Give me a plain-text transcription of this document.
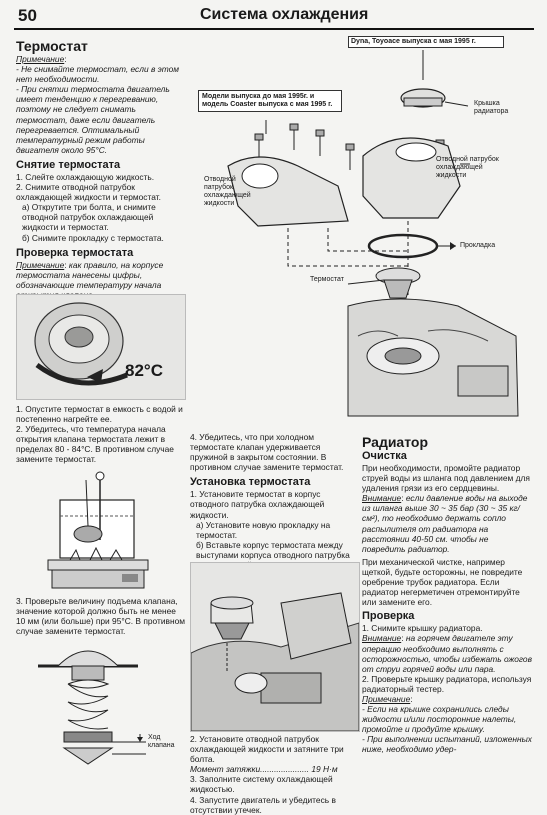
50	Система охлаждения
Термостат

Примечание:

- Не снимайте термостат, если в этом нет необходимости.

- При снятии термостата двигатель имеет тенденцию к перегреванию, поэтому не следует снимать термостат, даже если двигатель перегревается. Оптимальный температурный режим работы двигателя около 95°С.

Снятие термостата

1. Слейте охлаждающую жидкость.

2. Снимите отводной патрубок охлаждающей жидкости и термостат.

а) Открутите три болта, и снимите отводной патрубок охлаждающей жидкости и термостат.

б) Снимите прокладку с термостата.

Проверка термостата

Примечание: как правило, на корпусе термостата нанесены цифры, обозначающие температуру начала

82°C

1. Опустите термостат в емкость с водой и постепенно нагрейте ее.

2. Убедитесь, что температура начала открытия клапана термостата лежит в пределах 80 - 84°С. В противном случае замените термостат.

3. Проверьте величину подъема клапана, значение которой должно быть не менее 10 мм (или больше) при 95°С. В противном случае замените термостат.

Ход
клапана
Dyna, Toyoace выпуска с мая 1995 г.
Модели выпуска до мая 1995г. и модель Coaster выпуска с мая 1995 г.	Крышка радиатора
Отводной патрубок охлаждающей жидкости
Отводной патрубок охлаждающей жидкости
Прокладка
Термостат

4. Убедитесь, что при холодном термостате клапан удерживается пружиной в закрытом состоянии. В противном случае замените термостат.

Установка термостата

1. Установите термостат в корпус отводного патрубка охлаждающей жидкости.

а) Установите новую прокладку на термостат.

б) Вставьте корпус термостата между выступами корпуса отводного патрубка

2. Установите отводной патрубок охлаждающей жидкости и затяните три болта.

Момент затяжки..................... 19 Н·м

3. Заполните систему охлаждающей жидкостью.

4. Запустите двигатель и убедитесь в отсутствии утечек.

Радиатор
Очистка

При необходимости, промойте радиатор струей воды из шланга под давлением для удаления грязи из его сердцевины.

Внимание: если давление воды на выходе из шланга выше 30 ~ 35 бар (30 ~ 35 кг/см²), то необходимо держать сопло распылителя от радиатора на расстоянии 40-50 см. чтобы не повредить радиатор.

При механической чистке, например щеткой, будьте осторожны, не повредите оребрение трубок радиатора. Если радиатор негерметичен отремонтируйте или замените его.

Проверка

1. Снимите крышку радиатора.

Внимание: на горячем двигателе эту операцию необходимо выполнять с осторожностью, чтобы избежать ожогов от струи горячей воды или пара.

2. Проверьте крышку радиатора, используя радиаторный тестер.

Примечание:

- Если на крышке сохранились следы жидкости и/или посторонние налеты, промойте и продуйте крышку.

- При выполнении испытаний, изложенных ниже, необходимо удер-
